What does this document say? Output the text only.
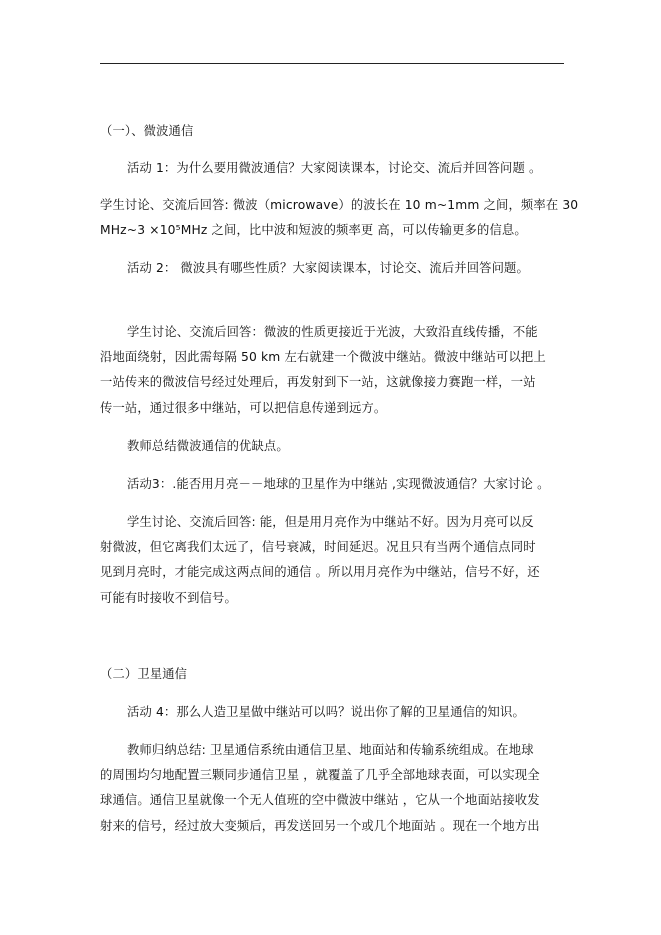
（一）、微波通信
活动 1：为什么要用微波通信？大家阅读课本，讨论交、流后并回答问题 。
学生讨论、交流后回答: 微波（microwave）的波长在 10 m~1mm 之间，频率在 30
MHz~3 ×10⁵MHz 之间，比中波和短波的频率更 高，可以传输更多的信息。
活动 2： 微波具有哪些性质？大家阅读课本，讨论交、流后并回答问题。
学生讨论、交流后回答：微波的性质更接近于光波，大致沿直线传播，不能
沿地面绕射，因此需每隔 50 km 左右就建一个微波中继站。微波中继站可以把上
一站传来的微波信号经过处理后，再发射到下一站，这就像接力赛跑一样，一站
传一站，通过很多中继站，可以把信息传递到远方。
教师总结微波通信的优缺点。
活动3：.能否用月亮－－地球的卫星作为中继站 ,实现微波通信？大家讨论 。
学生讨论、交流后回答: 能，但是用月亮作为中继站不好。因为月亮可以反
射微波，但它离我们太远了，信号衰减，时间延迟。况且只有当两个通信点同时
见到月亮时，才能完成这两点间的通信 。所以用月亮作为中继站，信号不好，还
可能有时接收不到信号。
（二）卫星通信
活动 4：那么人造卫星做中继站可以吗？说出你了解的卫星通信的知识。
教师归纳总结: 卫星通信系统由通信卫星、地面站和传输系统组成。在地球
的周围均匀地配置三颗同步通信卫星 ，就覆盖了几乎全部地球表面，可以实现全
球通信。通信卫星就像一个无人值班的空中微波中继站 ，它从一个地面站接收发
射来的信号，经过放大变频后，再发送回另一个或几个地面站 。现在一个地方出
